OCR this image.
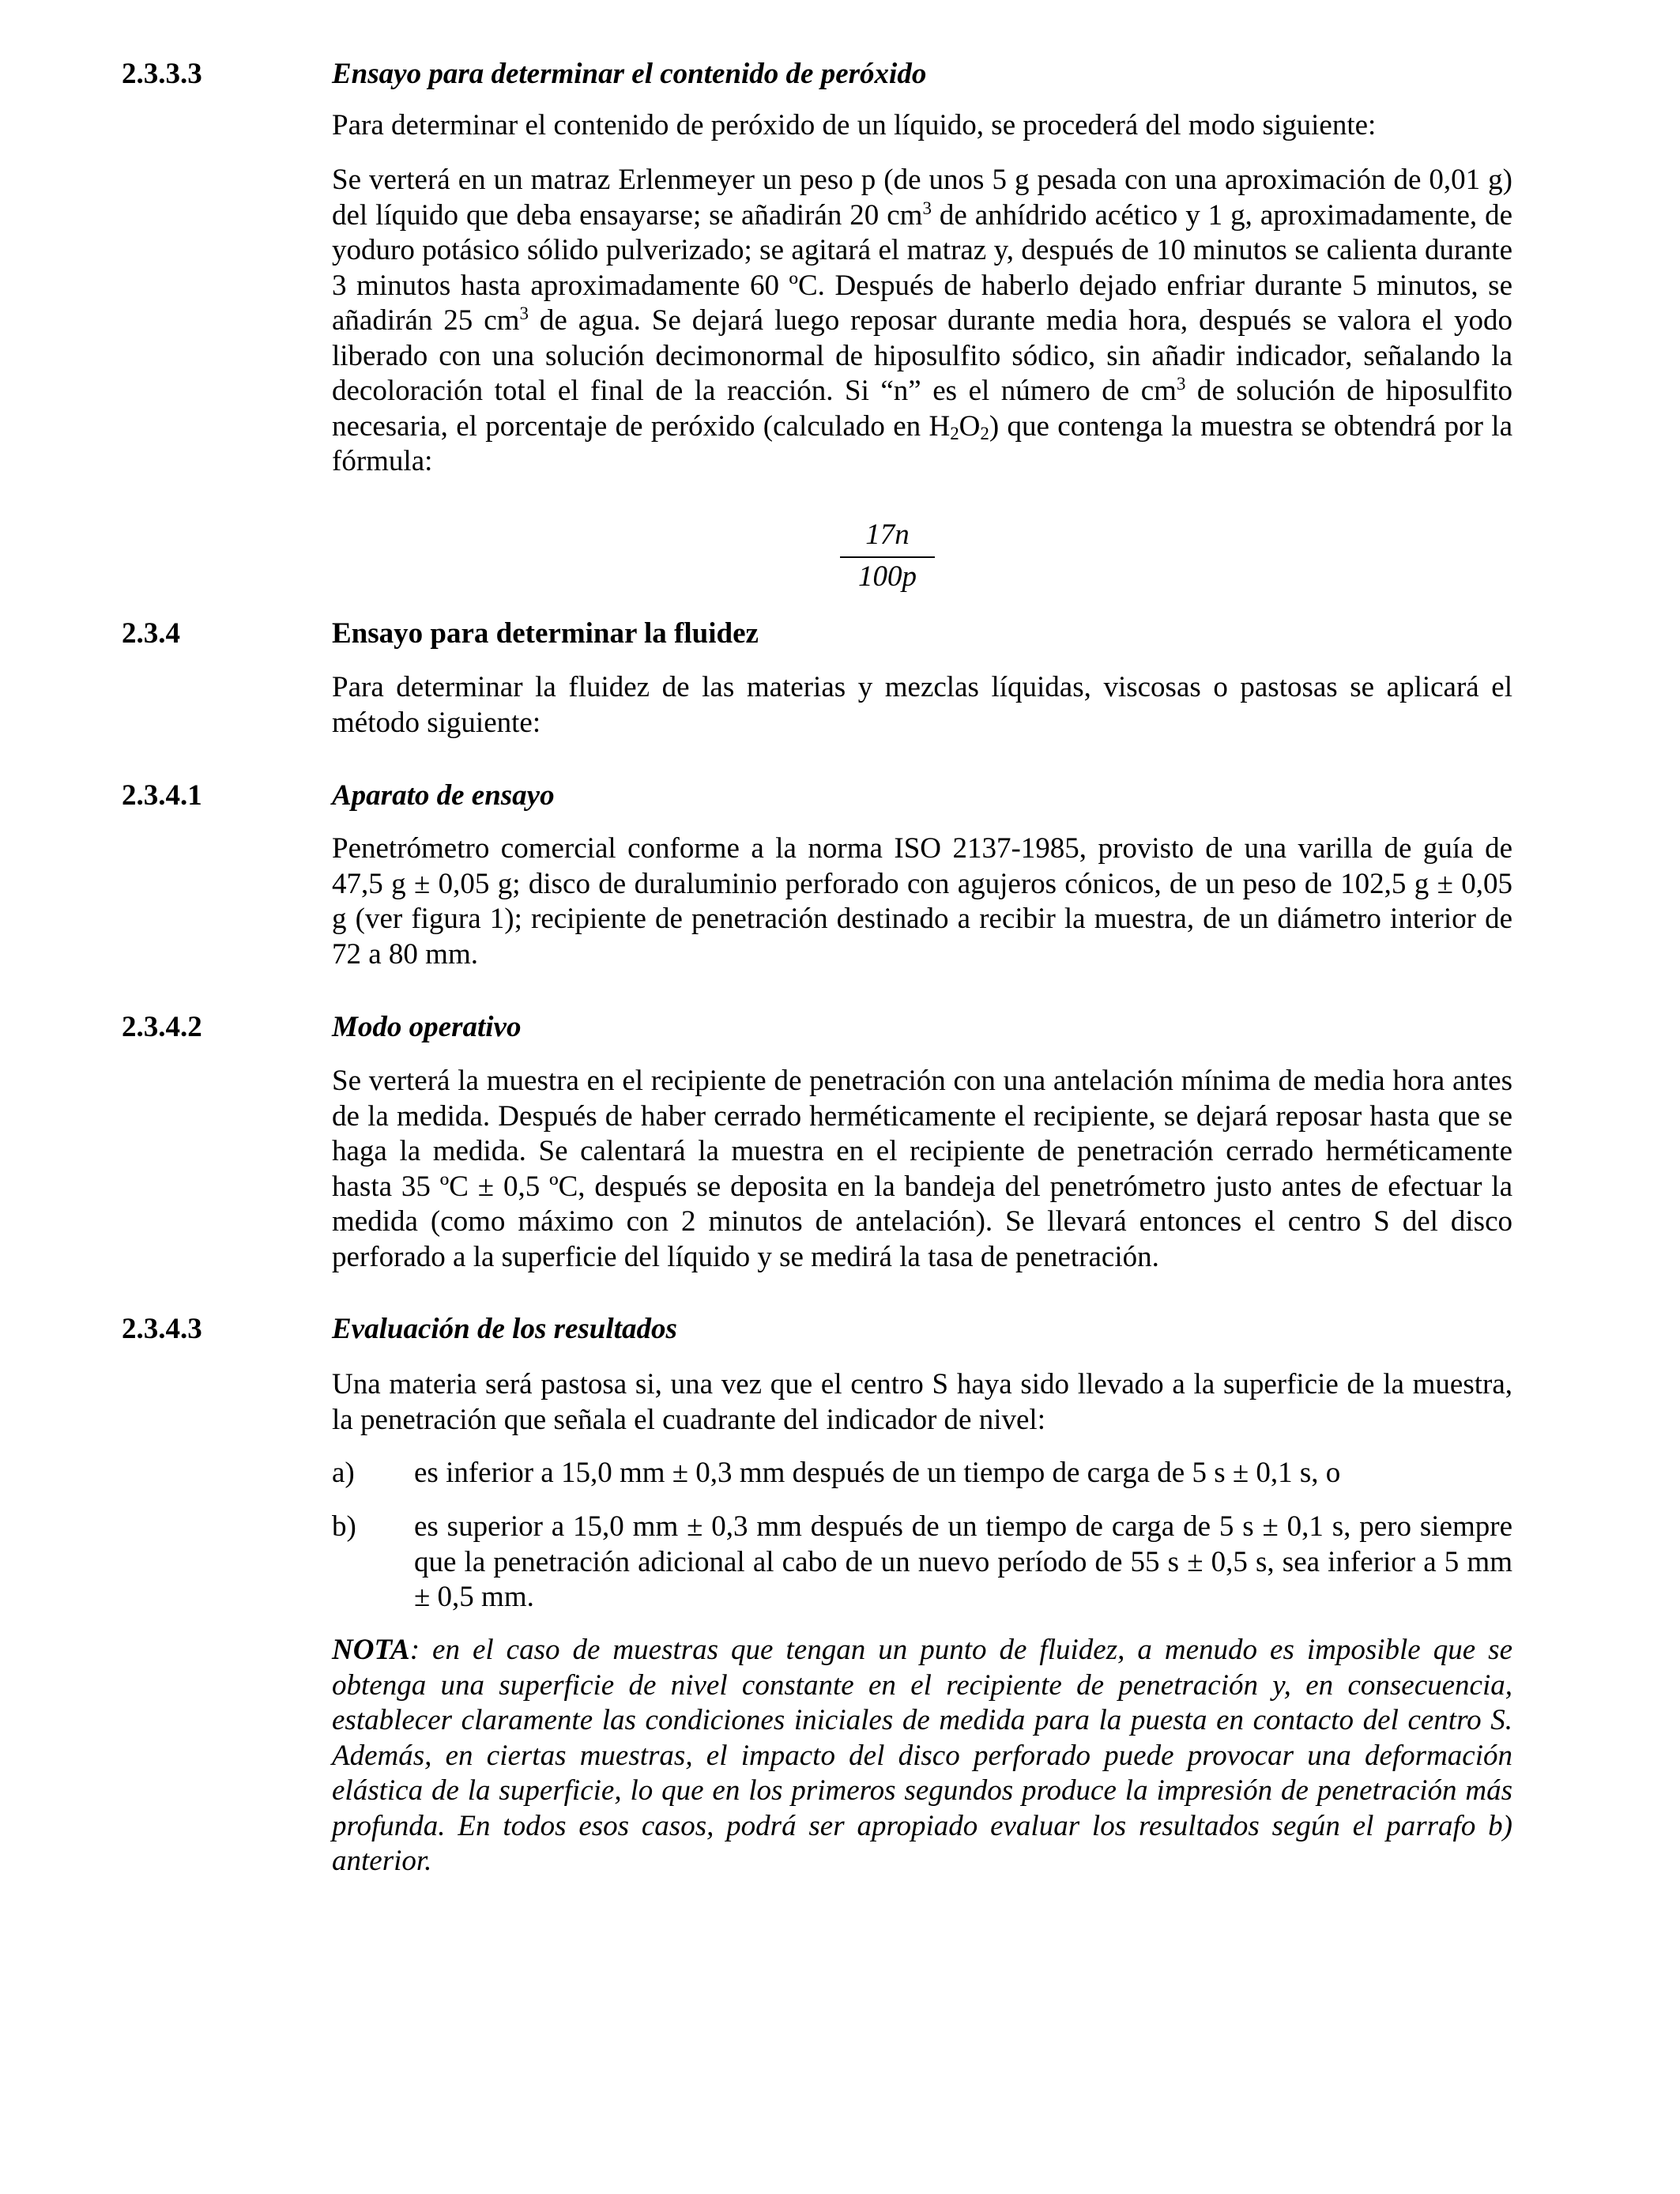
2.3.3.3	Ensayo para determinar el contenido de peróxido

Para determinar el contenido de peróxido de un líquido, se procederá del modo siguiente:

Se verterá en un matraz Erlenmeyer un peso p (de unos 5 g pesada con una aproximación de 0,01 g) del líquido que deba ensayarse; se añadirán 20 $cm^3$ de anhídrido acético y 1 g, aproximadamente, de yoduro potásico sólido pulverizado; se agitará el matraz y, después de 10 minutos se calienta durante 3 minutos hasta aproximadamente 60 ºC. Después de haberlo dejado enfriar durante 5 minutos, se añadirán 25 $cm^3$ de agua. Se dejará luego reposar durante media hora, después se valora el yodo liberado con una solución decimonormal de hiposulfito sódico, sin añadir indicador, señalando la decoloración total el final de la reacción. Si “n” es el número de $cm^3$ de solución de hiposulfito necesaria, el porcentaje de peróxido (calculado en $H_2O_2$) que contenga la muestra se obtendrá por la fórmula:

$\frac{17n}{100p}$
2.3.4	Ensayo para determinar la fluidez

Para determinar la fluidez de las materias y mezclas líquidas, viscosas o pastosas se aplicará el método siguiente:

2.3.4.1	Aparato de ensayo

Penetrómetro comercial conforme a la norma ISO 2137-1985, provisto de una varilla de guía de 47,5 g ± 0,05 g; disco de duraluminio perforado con agujeros cónicos, de un peso de 102,5 g ± 0,05 g (ver figura 1); recipiente de penetración destinado a recibir la muestra, de un diámetro interior de 72 a 80 mm.

2.3.4.2	Modo operativo

Se verterá la muestra en el recipiente de penetración con una antelación mínima de media hora antes de la medida. Después de haber cerrado herméticamente el recipiente, se dejará reposar hasta que se haga la medida. Se calentará la muestra en el recipiente de penetración cerrado herméticamente hasta 35 ºC ± 0,5 ºC, después se deposita en la bandeja del penetrómetro justo antes de efectuar la medida (como máximo con 2 minutos de antelación). Se llevará entonces el centro S del disco perforado a la superficie del líquido y se medirá la tasa de penetración.

2.3.4.3	Evaluación de los resultados

Una materia será pastosa si, una vez que el centro S haya sido llevado a la superficie de la muestra, la penetración que señala el cuadrante del indicador de nivel:

a) es inferior a 15,0 mm ± 0,3 mm después de un tiempo de carga de 5 s ± 0,1 s, o
b) es superior a 15,0 mm ± 0,3 mm después de un tiempo de carga de 5 s ± 0,1 s, pero siempre que la penetración adicional al cabo de un nuevo período de 55 s ± 0,5 s, sea inferior a 5 mm ± 0,5 mm.
NOTA: en el caso de muestras que tengan un punto de fluidez, a menudo es imposible que se obtenga una superficie de nivel constante en el recipiente de penetración y, en consecuencia, establecer claramente las condiciones iniciales de medida para la puesta en contacto del centro S. Además, en ciertas muestras, el impacto del disco perforado puede provocar una deformación elástica de la superficie, lo que en los primeros segundos produce la impresión de penetración más profunda. En todos esos casos, podrá ser apropiado evaluar los resultados según el parrafo b) anterior.
